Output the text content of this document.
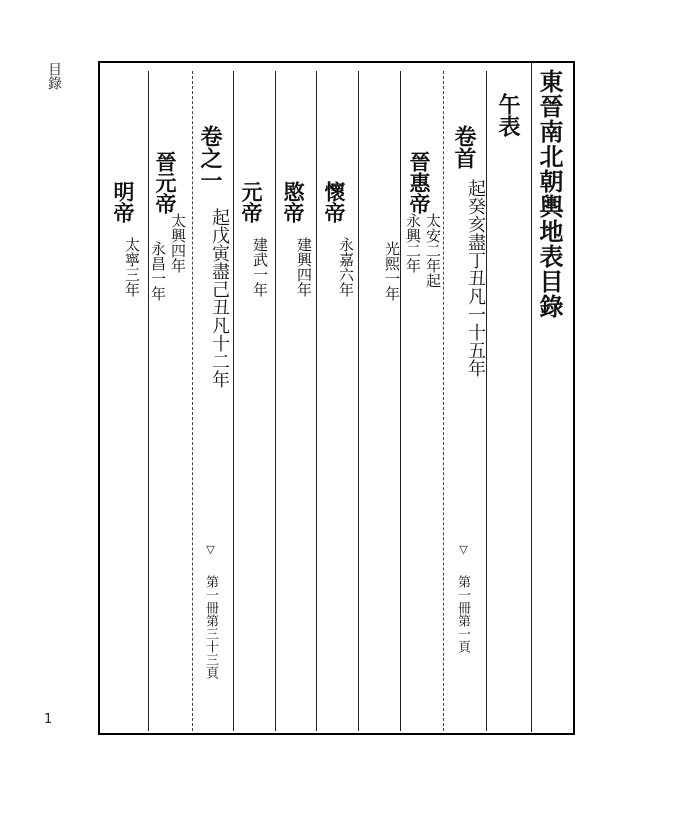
目錄
1
東晉南北朝輿地表目錄
午表
卷首
起癸亥盡丁丑凡一十五年
▽
第一冊第一頁
晉惠帝
太安二年起
永興二年
光熙一年
懷帝
永嘉六年
愍帝
建興四年
元帝
建武一年
卷之一
起戊寅盡己丑凡十二年
▽
第一冊第三十三頁
晉元帝
太興四年
永昌一年
明帝
太寧三年
